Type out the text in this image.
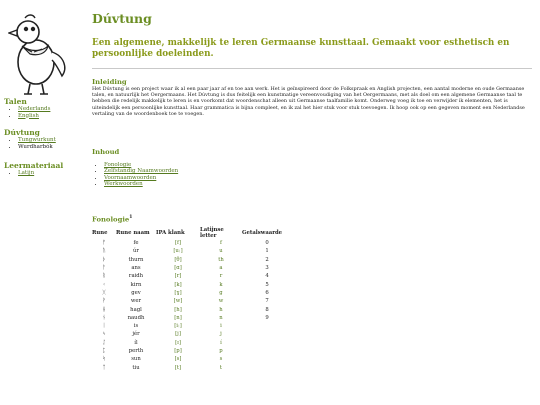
Talen

• Nederlands
• English

Dúvtung

• Tungwurkunt
• Wurdharbók

Leermateriaal

• Latijn
Dúvtung
Een algemene, makkelijk te leren Germaanse kunsttaal. Gemaakt voor esthetisch en persoonlijke doeleinden.
Inleiding
Het Dúvtung is een project waar ik al een paar jaar af en toe aan werk. Het is geïnspireerd door de Folkspraak en Anglish projecten, een aantal moderne en oude Germaanse talen, en natuurlijk het Oergermaans. Het Dúvtung is dus feitelijk een kunstmatige vereenvoudiging van het Oergermaans, met als doel om een algemene Germaanse taal te hebben die redelijk makkelijk te leren is en voorkomt dat woordenschat alleen uit Germaanse taalfamilie komt. Onderweg voeg ik toe en verwijder ik elementen, het is uiteindelijk een persoonlijke kunsttaal. Haar grammatica is bijna compleet, en ik zal het hier stuk voor stuk toevoegen. Ik hoop ook op een gegeven moment een Nederlandse vertaling van de woordenboek toe te voegen.
Inhoud
• Fonologie
• Zelfstandig Naamwoorden
• Voornaamwoorden
• Werkwoorden
Fonologie$^1$
Rune	Rune naam	IPA klank	Latijnse letter	Getalswaarde
ᚠ	fe	[f]	f	0
ᚢ	úr	[uː]	u	1
ᚦ	thurn	[θ]	th	2
ᚨ	ans	[ɑ]	a	3
ᚱ	raidh	[r]	r	4
ᚲ	kirn	[k]	k	5
ᚷ	gev	[ɣ]	g	6
ᚹ	wer	[w]	w	7
ᚺ	hagl	[h]	h	8
ᚾ	naudh	[n]	n	9
ᛁ	is	[iː]	i	
ᛃ	jér	[j]	j	
ᛇ	íl	[ɪ]	í	
ᛈ	perth	[p]	p	
ᛋ	sun	[s]	s	
ᛏ	tiu	[t]	t	
